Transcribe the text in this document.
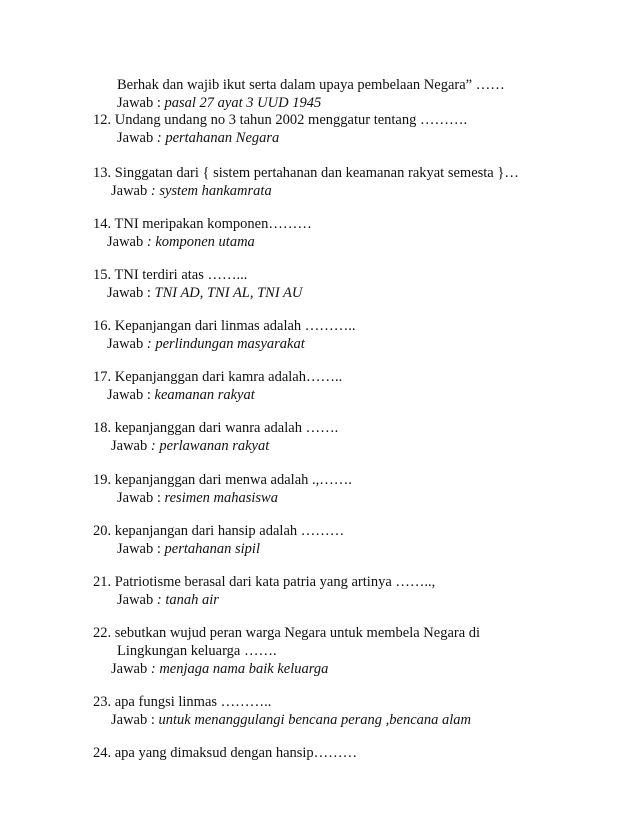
Berhak dan wajib ikut serta dalam upaya pembelaan Negara” ……
Jawab : pasal 27 ayat 3 UUD 1945
12. Undang undang no 3 tahun 2002 menggatur tentang ……….
Jawab : pertahanan Negara
13. Singgatan dari { sistem pertahanan dan keamanan rakyat semesta }…
Jawab : system hankamrata
14. TNI meripakan komponen………
Jawab : komponen utama
15. TNI terdiri atas ……...
Jawab : TNI AD, TNI AL, TNI AU
16. Kepanjangan dari linmas adalah ………..
Jawab : perlindungan masyarakat
17. Kepanjanggan dari kamra adalah……..
Jawab : keamanan rakyat
18. kepanjanggan dari wanra adalah …….
Jawab : perlawanan rakyat
19. kepanjanggan dari menwa adalah .,…….
Jawab : resimen mahasiswa
20. kepanjangan dari hansip adalah ………
Jawab : pertahanan sipil
21. Patriotisme berasal dari kata patria yang artinya ……..,
Jawab : tanah air
22. sebutkan wujud peran warga Negara untuk membela Negara di
Lingkungan keluarga …….
Jawab : menjaga nama baik keluarga
23. apa fungsi linmas ………..
Jawab : untuk menanggulangi bencana perang ,bencana alam
24. apa yang dimaksud dengan hansip………
